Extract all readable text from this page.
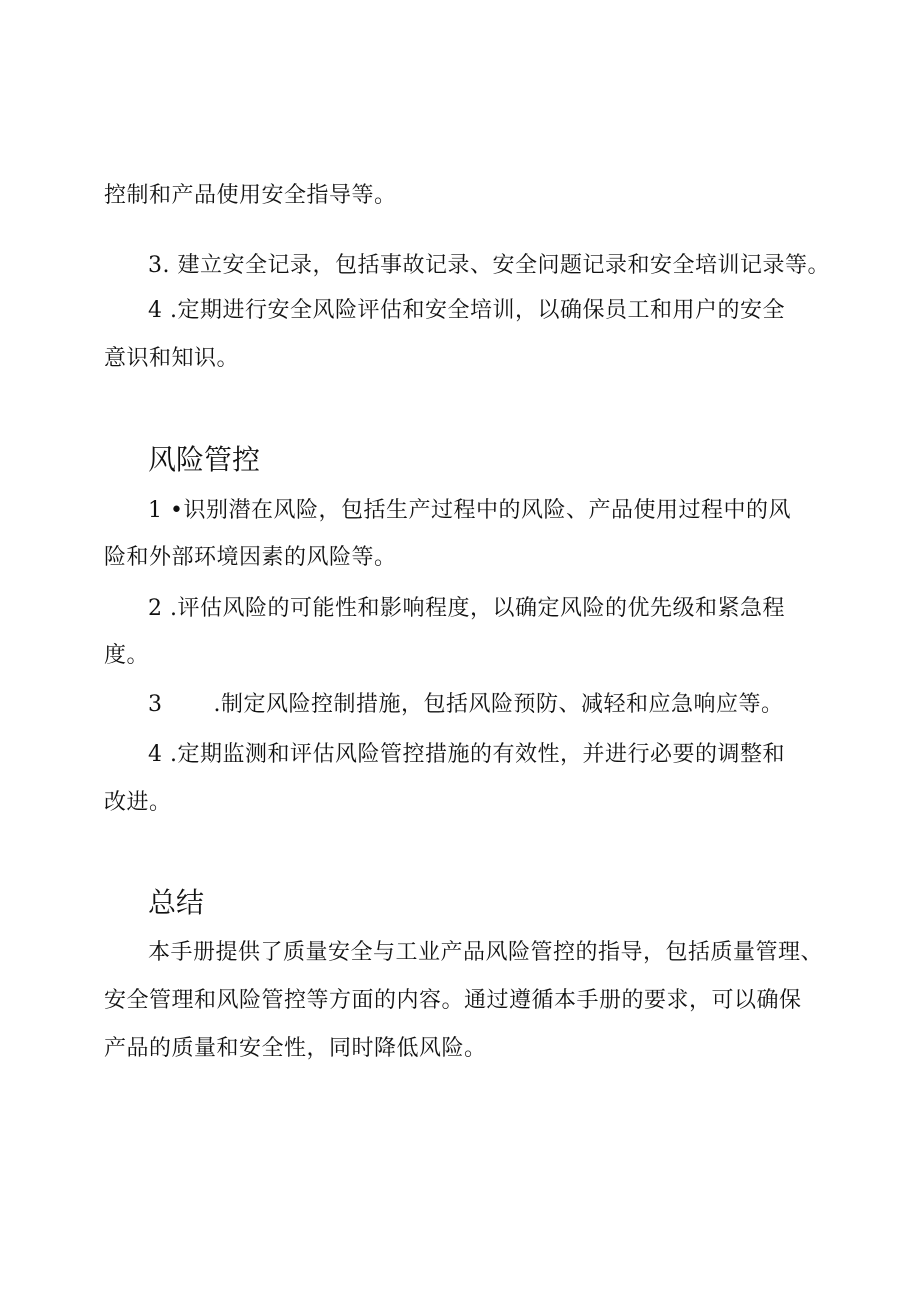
控制和产品使用安全指导等。
3. 建立安全记录，包括事故记录、安全问题记录和安全培训记录等。
4 .定期进行安全风险评估和安全培训，以确保员工和用户的安全
意识和知识。
风险管控
1 •识别潜在风险，包括生产过程中的风险、产品使用过程中的风
险和外部环境因素的风险等。
2 .评估风险的可能性和影响程度，以确定风险的优先级和紧急程
度。
3 .制定风险控制措施，包括风险预防、减轻和应急响应等。
4 .定期监测和评估风险管控措施的有效性，并进行必要的调整和
改进。
总结
本手册提供了质量安全与工业产品风险管控的指导，包括质量管理、
安全管理和风险管控等方面的内容。通过遵循本手册的要求，可以确保
产品的质量和安全性，同时降低风险。
